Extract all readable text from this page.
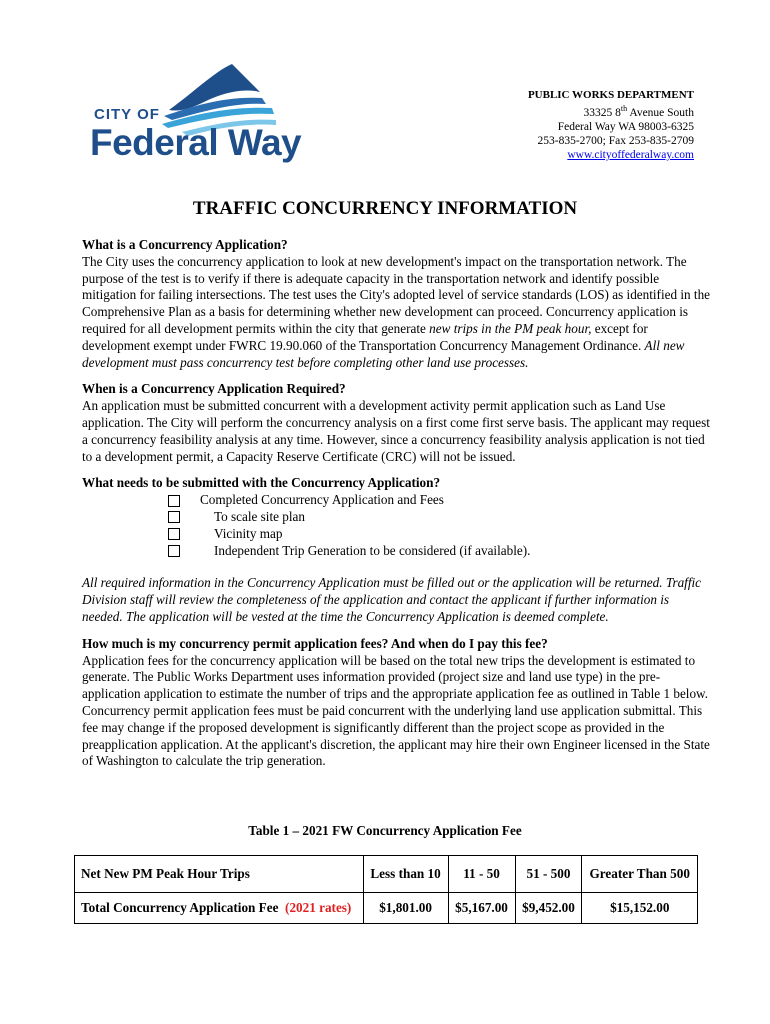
CITY OF
Federal Way
PUBLIC WORKS DEPARTMENT
33325 8th Avenue South
Federal Way WA 98003-6325
253-835-2700; Fax 253-835-2709
www.cityoffederalway.com
TRAFFIC CONCURRENCY INFORMATION

What is a Concurrency Application?

The City uses the concurrency application to look at new development's impact on the transportation network. The purpose of the test is to verify if there is adequate capacity in the transportation network and identify possible mitigation for failing intersections. The test uses the City's adopted level of service standards (LOS) as identified in the Comprehensive Plan as a basis for determining whether new development can proceed. Concurrency application is required for all development permits within the city that generate new trips in the PM peak hour, except for development exempt under FWRC 19.90.060 of the Transportation Concurrency Management Ordinance. All new development must pass concurrency test before completing other land use processes.

When is a Concurrency Application Required?

An application must be submitted concurrent with a development activity permit application such as Land Use application. The City will perform the concurrency analysis on a first come first serve basis. The applicant may request a concurrency feasibility analysis at any time. However, since a concurrency feasibility analysis application is not tied to a development permit, a Capacity Reserve Certificate (CRC) will not be issued.

What needs to be submitted with the Concurrency Application?

Completed Concurrency Application and Fees
To scale site plan
Vicinity map
Independent Trip Generation to be considered (if available).

All required information in the Concurrency Application must be filled out or the application will be returned. Traffic Division staff will review the completeness of the application and contact the applicant if further information is needed. The application will be vested at the time the Concurrency Application is deemed complete.

How much is my concurrency permit application fees? And when do I pay this fee?

Application fees for the concurrency application will be based on the total new trips the development is estimated to generate. The Public Works Department uses information provided (project size and land use type) in the pre-application application to estimate the number of trips and the appropriate application fee as outlined in Table 1 below. Concurrency permit application fees must be paid concurrent with the underlying land use application submittal. This fee may change if the proposed development is significantly different than the project scope as provided in the preapplication application. At the applicant's discretion, the applicant may hire their own Engineer licensed in the State of Washington to calculate the trip generation.

Table 1 – 2021 FW Concurrency Application Fee
Net New PM Peak Hour Trips	Less than 10	11 - 50	51 - 500	Greater Than 500
Total Concurrency Application Fee (2021 rates)	$1,801.00	$5,167.00	$9,452.00	$15,152.00
